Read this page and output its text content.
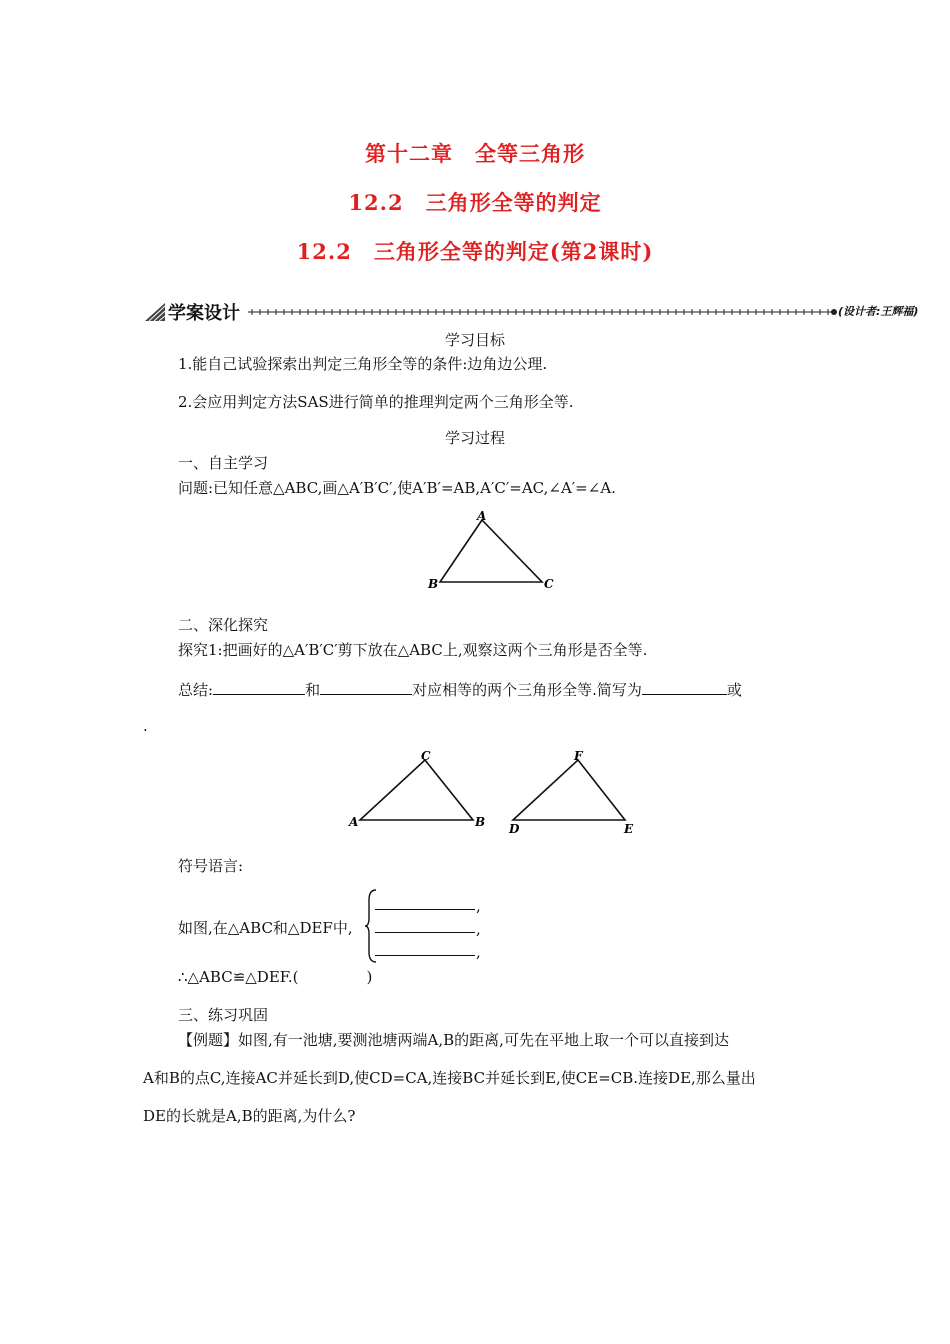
第十二章　全等三角形
12.2　三角形全等的判定
12.2　三角形全等的判定(第2课时)
学案设计	(设计者:王辉福)
学习目标
1.能自己试验探索出判定三角形全等的条件:边角边公理.
2.会应用判定方法SAS进行简单的推理判定两个三角形全等.
学习过程
一、自主学习
问题:已知任意△ABC,画△A′B′C′,使A′B′=AB,A′C′=AC,∠A′=∠A.
A
B	C
二、深化探究
探究1:把画好的△A′B′C′剪下放在△ABC上,观察这两个三角形是否全等.
总结:	和	对应相等的两个三角形全等.简写为	或
.
C
A	B
F
D	E
符号语言:
如图,在△ABC和△DEF中,
,
,
,
∴△ABC≌△DEF.(	)
三、练习巩固
【例题】如图,有一池塘,要测池塘两端A,B的距离,可先在平地上取一个可以直接到达
A和B的点C,连接AC并延长到D,使CD=CA,连接BC并延长到E,使CE=CB.连接DE,那么量出
DE的长就是A,B的距离,为什么?
